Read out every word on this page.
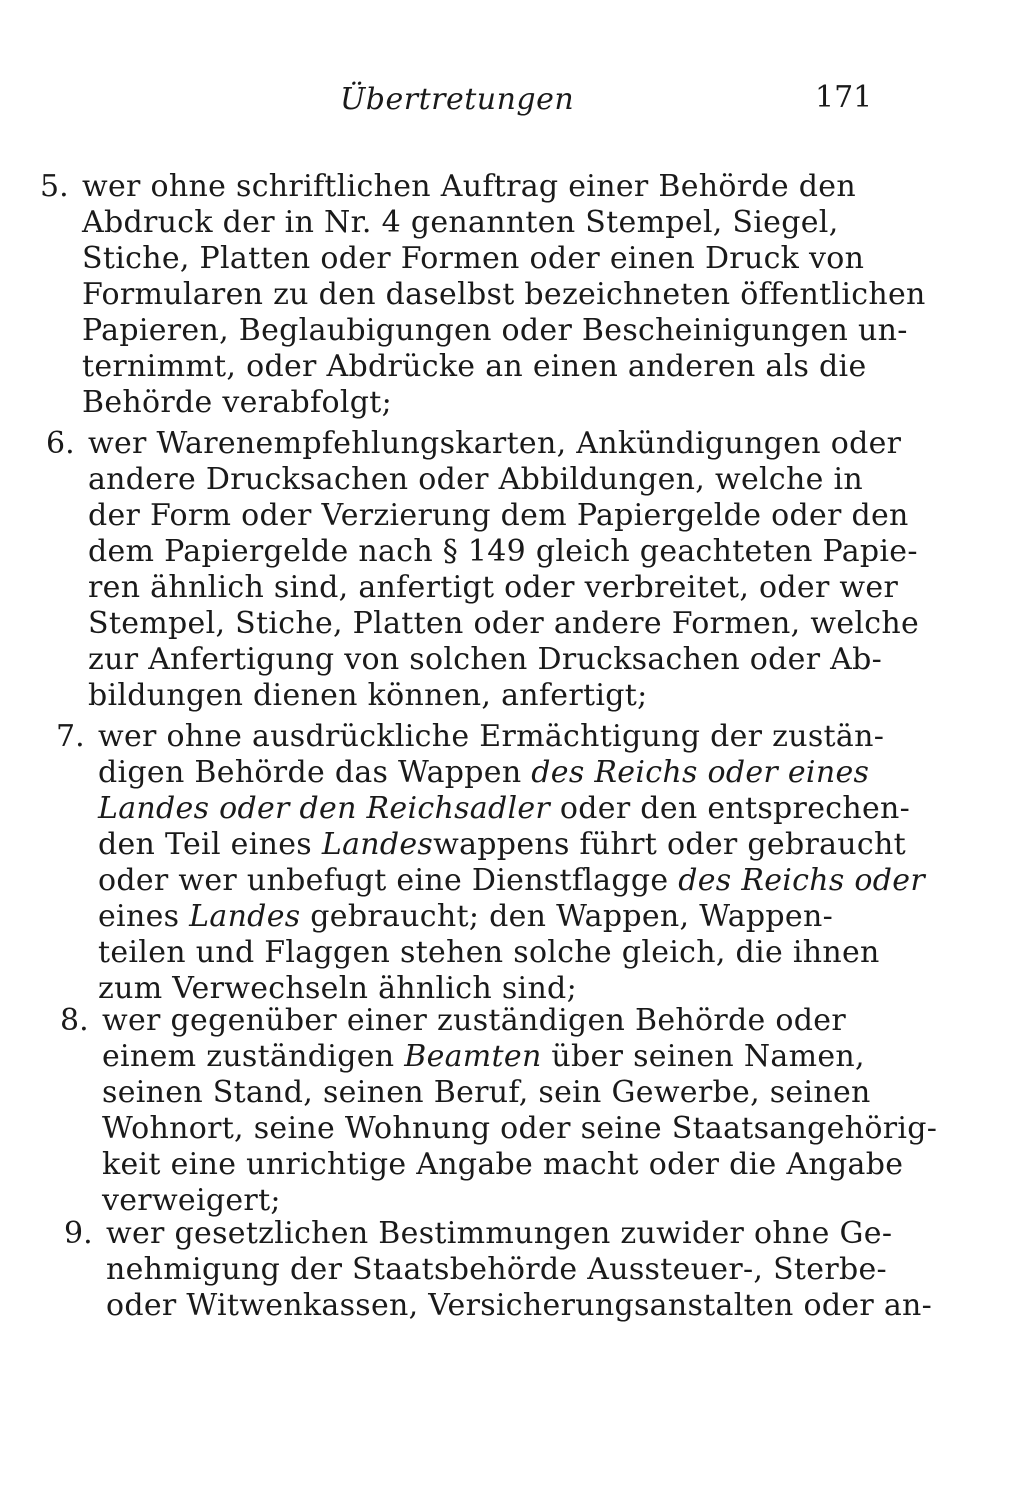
Übertretungen	171
5. wer ohne schriftlichen Auftrag einer Behörde den
Abdruck der in Nr. 4 genannten Stempel, Siegel,
Stiche, Platten oder Formen oder einen Druck von
Formularen zu den daselbst bezeichneten öffentlichen
Papieren, Beglaubigungen oder Bescheinigungen un-
ternimmt, oder Abdrücke an einen anderen als die
Behörde verabfolgt;
6. wer Warenempfehlungskarten, Ankündigungen oder
andere Drucksachen oder Abbildungen, welche in
der Form oder Verzierung dem Papiergelde oder den
dem Papiergelde nach § 149 gleich geachteten Papie-
ren ähnlich sind, anfertigt oder verbreitet, oder wer
Stempel, Stiche, Platten oder andere Formen, welche
zur Anfertigung von solchen Drucksachen oder Ab-
bildungen dienen können, anfertigt;
7. wer ohne ausdrückliche Ermächtigung der zustän-
digen Behörde das Wappen des Reichs oder eines
Landes oder den Reichsadler oder den entsprechen-
den Teil eines Landeswappens führt oder gebraucht
oder wer unbefugt eine Dienstflagge des Reichs oder
eines Landes gebraucht; den Wappen, Wappen-
teilen und Flaggen stehen solche gleich, die ihnen
zum Verwechseln ähnlich sind;
8. wer gegenüber einer zuständigen Behörde oder
einem zuständigen Beamten über seinen Namen,
seinen Stand, seinen Beruf, sein Gewerbe, seinen
Wohnort, seine Wohnung oder seine Staatsangehörig-
keit eine unrichtige Angabe macht oder die Angabe
verweigert;
9. wer gesetzlichen Bestimmungen zuwider ohne Ge-
nehmigung der Staatsbehörde Aussteuer-, Sterbe-
oder Witwenkassen, Versicherungsanstalten oder an-
